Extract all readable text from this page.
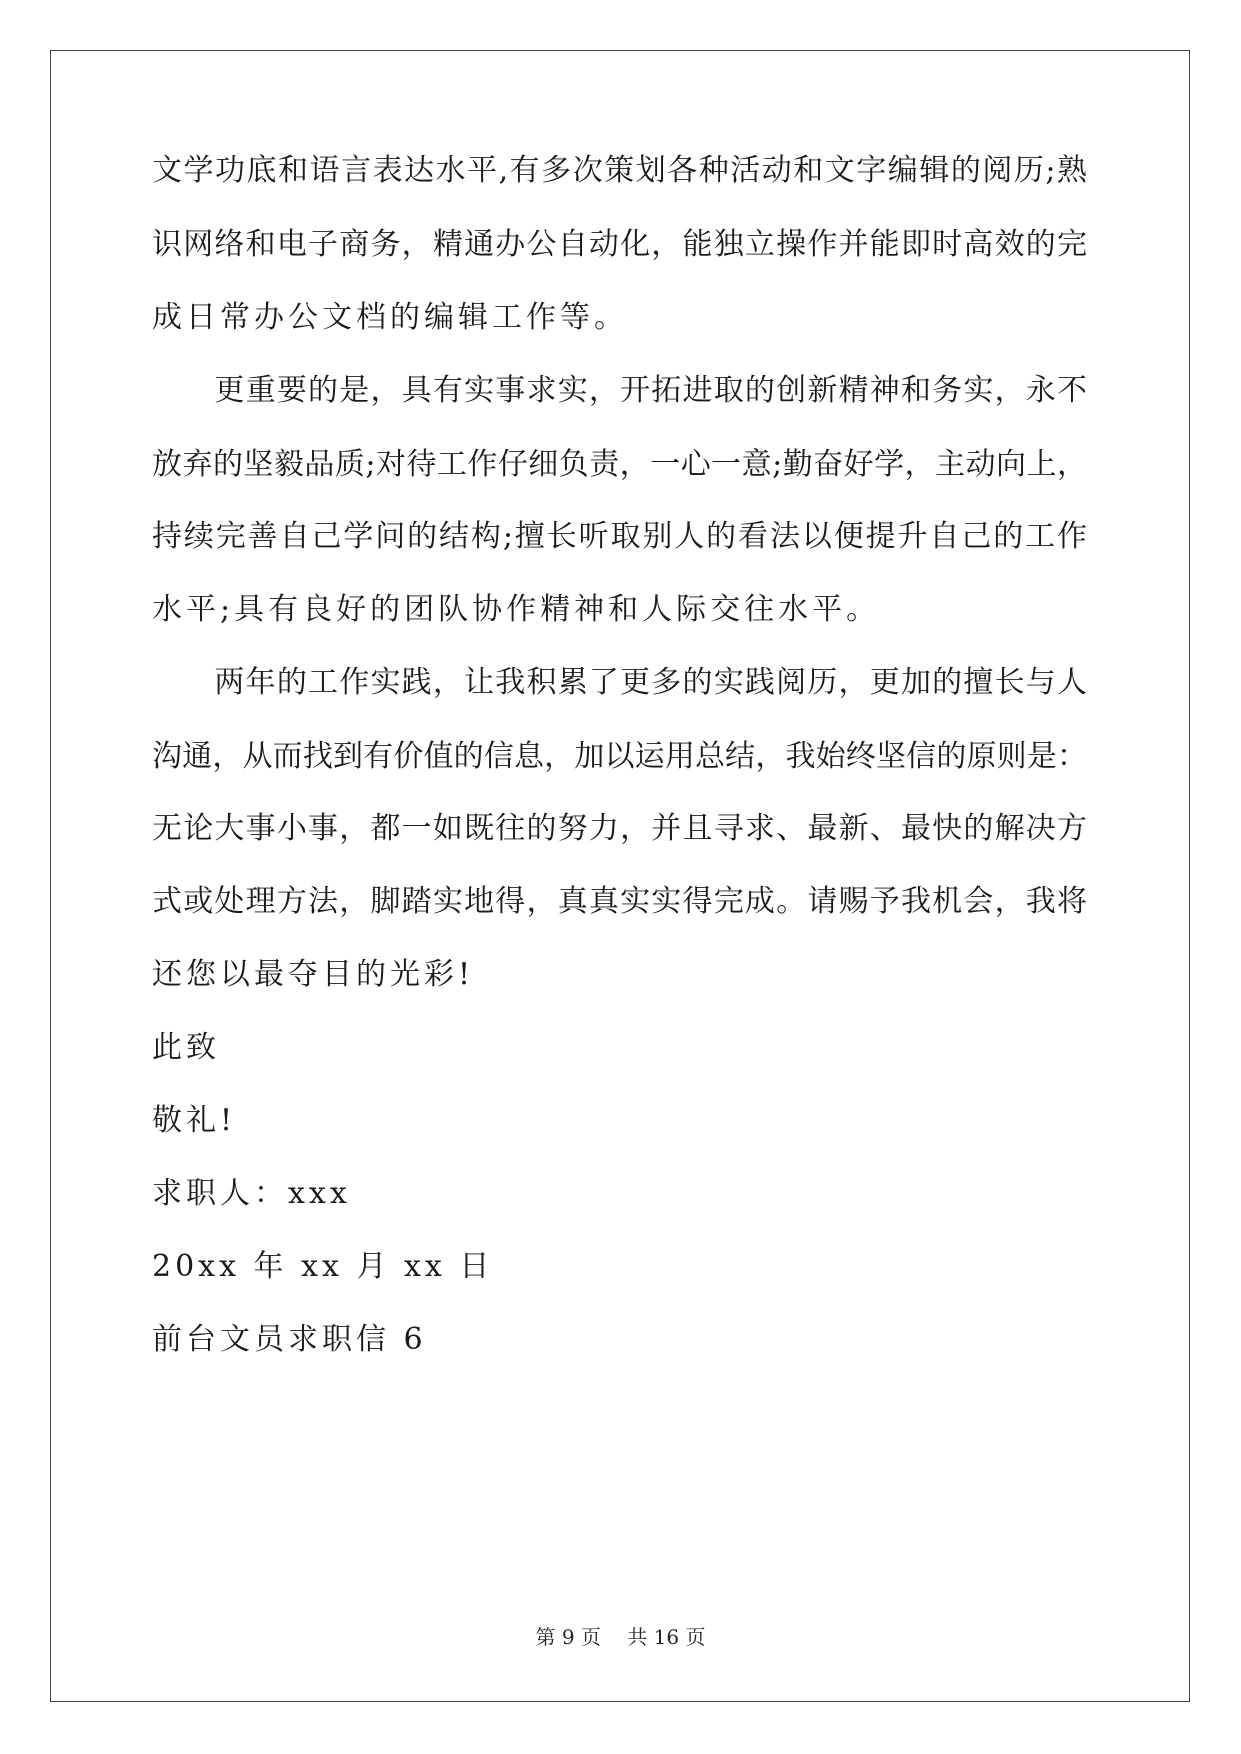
文学功底和语言表达水平,有多次策划各种活动和文字编辑的阅历;熟
识网络和电子商务，精通办公自动化，能独立操作并能即时高效的完
成日常办公文档的编辑工作等。
　　更重要的是，具有实事求实，开拓进取的创新精神和务实，永不
放弃的坚毅品质;对待工作仔细负责，一心一意;勤奋好学，主动向上，
持续完善自己学问的结构;擅长听取别人的看法以便提升自己的工作
水平;具有良好的团队协作精神和人际交往水平。
　　两年的工作实践，让我积累了更多的实践阅历，更加的擅长与人
沟通，从而找到有价值的信息，加以运用总结，我始终坚信的原则是：
无论大事小事，都一如既往的努力，并且寻求、最新、最快的解决方
式或处理方法，脚踏实地得，真真实实得完成。请赐予我机会，我将
还您以最夺目的光彩!
此致
敬礼!
求职人：xxx
20xx 年 xx 月 xx 日
前台文员求职信 6
第 9 页　 共 16 页
